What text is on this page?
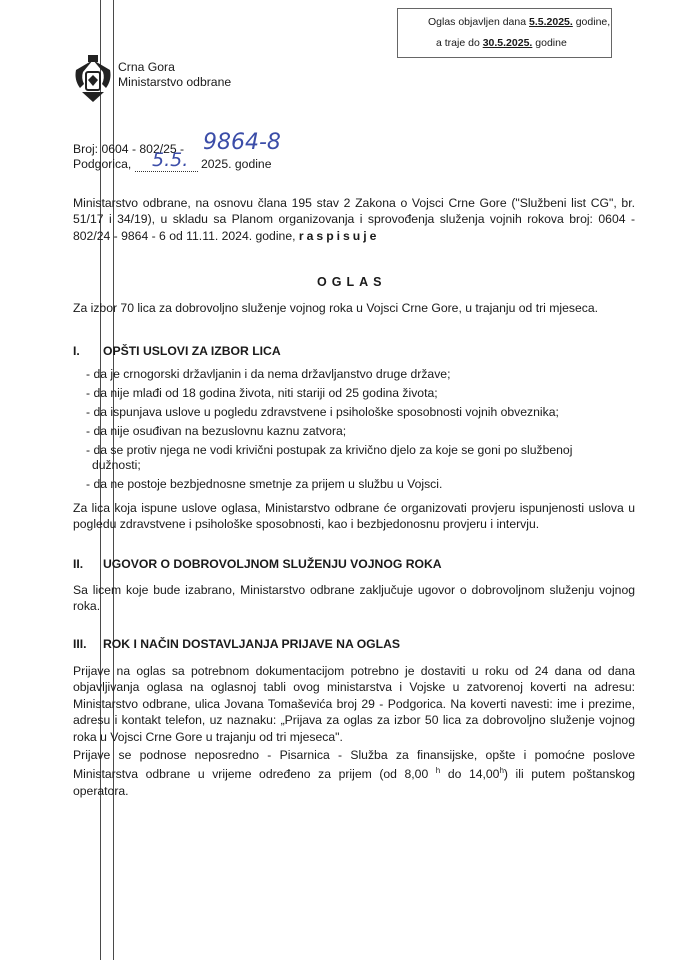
Oglas objavljen dana 5.5.2025. godine,
a traje do 30.5.2025. godine
Crna Gora
Ministarstvo odbrane
Broj: 0604 - 802/25 - 9864-8
Podgorica, 5.5. 2025. godine
Ministarstvo odbrane, na osnovu člana 195 stav 2 Zakona o Vojsci Crne Gore ("Službeni list CG", br. 51/17 i 34/19), u skladu sa Planom organizovanja i sprovođenja služenja vojnih rokova broj: 0604 - 802/24 - 9864 - 6 od 11.11. 2024. godine, raspisuje
OGLAS
Za izbor 70 lica za dobrovoljno služenje vojnog roka u Vojsci Crne Gore, u trajanju od tri mjeseca.
I. OPŠTI USLOVI ZA IZBOR LICA
- da je crnogorski državljanin i da nema državljanstvo druge države;
- da nije mlađi od 18 godina života, niti stariji od 25 godina života;
- da ispunjava uslove u pogledu zdravstvene i psihološke sposobnosti vojnih obveznika;
- da nije osuđivan na bezuslovnu kaznu zatvora;
- da se protiv njega ne vodi krivični postupak za krivično djelo za koje se goni po službenoj
dužnosti;
- da ne postoje bezbjednosne smetnje za prijem u službu u Vojsci.
Za lica koja ispune uslove oglasa, Ministarstvo odbrane će organizovati provjeru ispunjenosti uslova u pogledu zdravstvene i psihološke sposobnosti, kao i bezbjedonosnu provjeru i intervju.
II. UGOVOR O DOBROVOLJNOM SLUŽENJU VOJNOG ROKA
Sa licem koje bude izabrano, Ministarstvo odbrane zaključuje ugovor o dobrovoljnom služenju vojnog roka.
III. ROK I NAČIN DOSTAVLJANJA PRIJAVE NA OGLAS
Prijave na oglas sa potrebnom dokumentacijom potrebno je dostaviti u roku od 24 dana od dana objavljivanja oglasa na oglasnoj tabli ovog ministarstva i Vojske u zatvorenoj koverti na adresu: Ministarstvo odbrane, ulica Jovana Tomaševića broj 29 - Podgorica. Na koverti navesti: ime i prezime, adresu i kontakt telefon, uz naznaku: „Prijava za oglas za izbor 50 lica za dobrovoljno služenje vojnog roka u Vojsci Crne Gore u trajanju od tri mjeseca".
Prijave se podnose neposredno - Pisarnica - Služba za finansijske, opšte i pomoćne poslove Ministarstva odbrane u vrijeme određeno za prijem (od 8,00 $^h$ do 14,00$^h$) ili putem poštanskog operatora.
